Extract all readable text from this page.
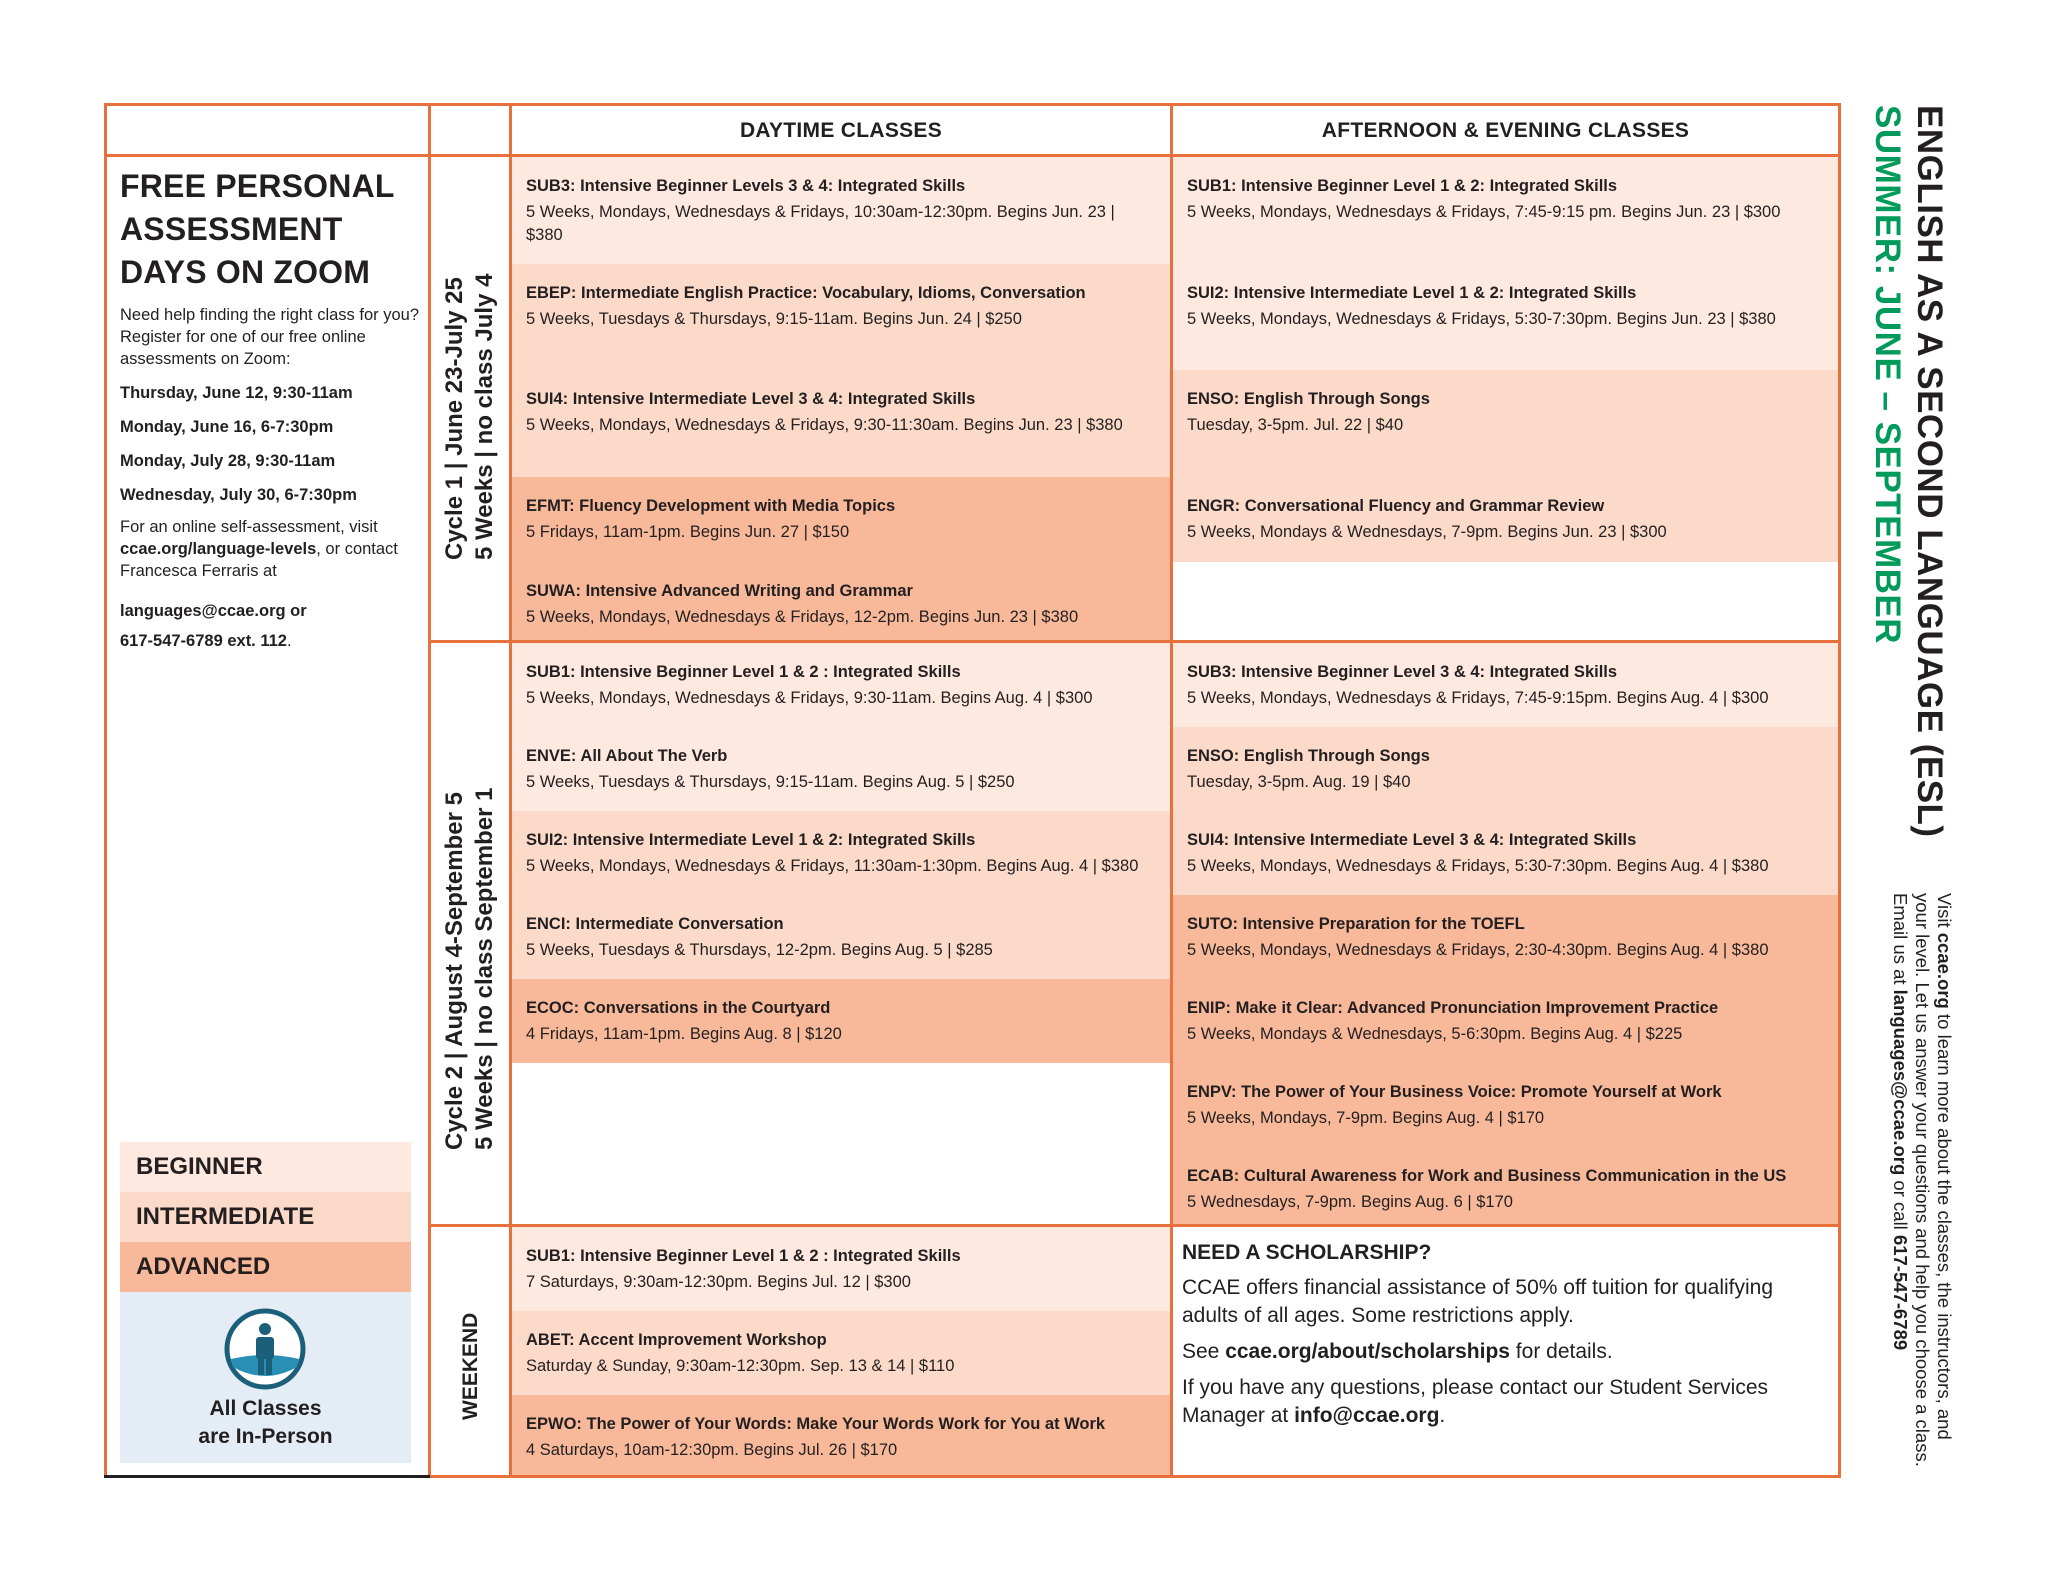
DAYTIME CLASSES	AFTERNOON & EVENING CLASSES
FREE PERSONAL
ASSESSMENT
DAYS ON ZOOM
Need help finding the right class for you? Register for one of our free online assessments on Zoom:
Thursday, June 12, 9:30-11am
Monday, June 16, 6-7:30pm
Monday, July 28, 9:30-11am
Wednesday, July 30, 6-7:30pm
For an online self-assessment, visit ccae.org/language-levels, or contact Francesca Ferraris at
languages@ccae.org or
617-547-6789 ext. 112.
Cycle 1 | June 23-July 25 5 Weeks | no class July 4
Cycle 2 | August 4-September 5 5 Weeks | no class September 1
WEEKEND
SUB3: Intensive Beginner Levels 3 & 4: Integrated Skills
5 Weeks, Mondays, Wednesdays & Fridays, 10:30am-12:30pm. Begins Jun. 23 | $380
EBEP: Intermediate English Practice: Vocabulary, Idioms, Conversation
5 Weeks, Tuesdays & Thursdays, 9:15-11am. Begins Jun. 24 | $250
SUI4: Intensive Intermediate Level 3 & 4: Integrated Skills
5 Weeks, Mondays, Wednesdays & Fridays, 9:30-11:30am. Begins Jun. 23 | $380
EFMT: Fluency Development with Media Topics
5 Fridays, 11am-1pm. Begins Jun. 27 | $150
SUWA: Intensive Advanced Writing and Grammar
5 Weeks, Mondays, Wednesdays & Fridays, 12-2pm. Begins Jun. 23 | $380
SUB1: Intensive Beginner Level 1 & 2: Integrated Skills
5 Weeks, Mondays, Wednesdays & Fridays, 7:45-9:15 pm. Begins Jun. 23 | $300
SUI2: Intensive Intermediate Level 1 & 2: Integrated Skills
5 Weeks, Mondays, Wednesdays & Fridays, 5:30-7:30pm. Begins Jun. 23 | $380
ENSO: English Through Songs
Tuesday, 3-5pm. Jul. 22 | $40
ENGR: Conversational Fluency and Grammar Review
5 Weeks, Mondays & Wednesdays, 7-9pm. Begins Jun. 23 | $300
SUB1: Intensive Beginner Level 1 & 2 : Integrated Skills
5 Weeks, Mondays, Wednesdays & Fridays, 9:30-11am. Begins Aug. 4 | $300
ENVE: All About The Verb
5 Weeks, Tuesdays & Thursdays, 9:15-11am. Begins Aug. 5 | $250
SUI2: Intensive Intermediate Level 1 & 2: Integrated Skills
5 Weeks, Mondays, Wednesdays & Fridays, 11:30am-1:30pm. Begins Aug. 4 | $380
ENCI: Intermediate Conversation
5 Weeks, Tuesdays & Thursdays, 12-2pm. Begins Aug. 5 | $285
ECOC: Conversations in the Courtyard
4 Fridays, 11am-1pm. Begins Aug. 8 | $120
SUB3: Intensive Beginner Level 3 & 4: Integrated Skills
5 Weeks, Mondays, Wednesdays & Fridays, 7:45-9:15pm. Begins Aug. 4 | $300
ENSO: English Through Songs
Tuesday, 3-5pm. Aug. 19 | $40
SUI4: Intensive Intermediate Level 3 & 4: Integrated Skills
5 Weeks, Mondays, Wednesdays & Fridays, 5:30-7:30pm. Begins Aug. 4 | $380
SUTO: Intensive Preparation for the TOEFL
5 Weeks, Mondays, Wednesdays & Fridays, 2:30-4:30pm. Begins Aug. 4 | $380
ENIP: Make it Clear: Advanced Pronunciation Improvement Practice
5 Weeks, Mondays & Wednesdays, 5-6:30pm. Begins Aug. 4 | $225
ENPV: The Power of Your Business Voice: Promote Yourself at Work
5 Weeks, Mondays, 7-9pm. Begins Aug. 4 | $170
ECAB: Cultural Awareness for Work and Business Communication in the US
5 Wednesdays, 7-9pm. Begins Aug. 6 | $170
SUB1: Intensive Beginner Level 1 & 2 : Integrated Skills
7 Saturdays, 9:30am-12:30pm. Begins Jul. 12 | $300
ABET: Accent Improvement Workshop
Saturday & Sunday, 9:30am-12:30pm. Sep. 13 & 14 | $110
EPWO: The Power of Your Words: Make Your Words Work for You at Work
4 Saturdays, 10am-12:30pm. Begins Jul. 26 | $170
NEED A SCHOLARSHIP?
CCAE offers financial assistance of 50% off tuition for qualifying adults of all ages. Some restrictions apply.
See ccae.org/about/scholarships for details.
If you have any questions, please contact our Student Services Manager at info@ccae.org.
BEGINNER
INTERMEDIATE
ADVANCED
All Classes
are In-Person
ENGLISH AS A SECOND LANGUAGE (ESL)
SUMMER: JUNE – SEPTEMBER
Visit ccae.org to learn more about the classes, the instructors, and
your level. Let us answer your questions and help you choose a class.
Email us at languages@ccae.org or call 617-547-6789
